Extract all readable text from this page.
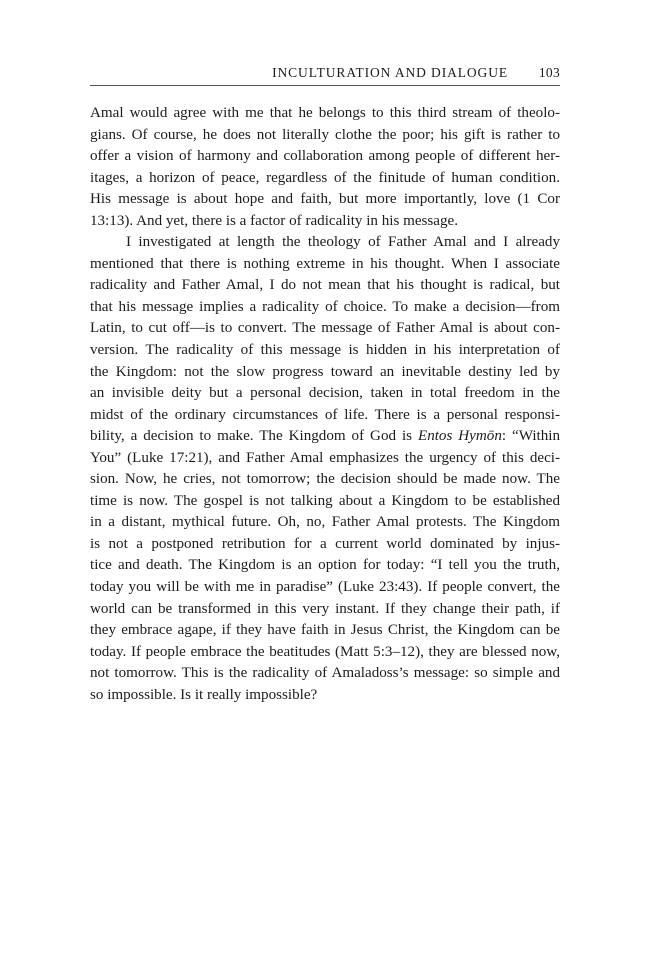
INCULTURATION AND DIALOGUE 103
Amal would agree with me that he belongs to this third stream of theolo-
gians. Of course, he does not literally clothe the poor; his gift is rather to
offer a vision of harmony and collaboration among people of different her-
itages, a horizon of peace, regardless of the finitude of human condition.
His message is about hope and faith, but more importantly, love (1 Cor
13:13). And yet, there is a factor of radicality in his message.
I investigated at length the theology of Father Amal and I already
mentioned that there is nothing extreme in his thought. When I associate
radicality and Father Amal, I do not mean that his thought is radical, but
that his message implies a radicality of choice. To make a decision—from
Latin, to cut off—is to convert. The message of Father Amal is about con-
version. The radicality of this message is hidden in his interpretation of
the Kingdom: not the slow progress toward an inevitable destiny led by
an invisible deity but a personal decision, taken in total freedom in the
midst of the ordinary circumstances of life. There is a personal responsi-
bility, a decision to make. The Kingdom of God is Entos Hymōn: “Within
You” (Luke 17:21), and Father Amal emphasizes the urgency of this deci-
sion. Now, he cries, not tomorrow; the decision should be made now. The
time is now. The gospel is not talking about a Kingdom to be established
in a distant, mythical future. Oh, no, Father Amal protests. The Kingdom
is not a postponed retribution for a current world dominated by injus-
tice and death. The Kingdom is an option for today: “I tell you the truth,
today you will be with me in paradise” (Luke 23:43). If people convert, the
world can be transformed in this very instant. If they change their path, if
they embrace agape, if they have faith in Jesus Christ, the Kingdom can be
today. If people embrace the beatitudes (Matt 5:3–12), they are blessed now,
not tomorrow. This is the radicality of Amaladoss’s message: so simple and
so impossible. Is it really impossible?
